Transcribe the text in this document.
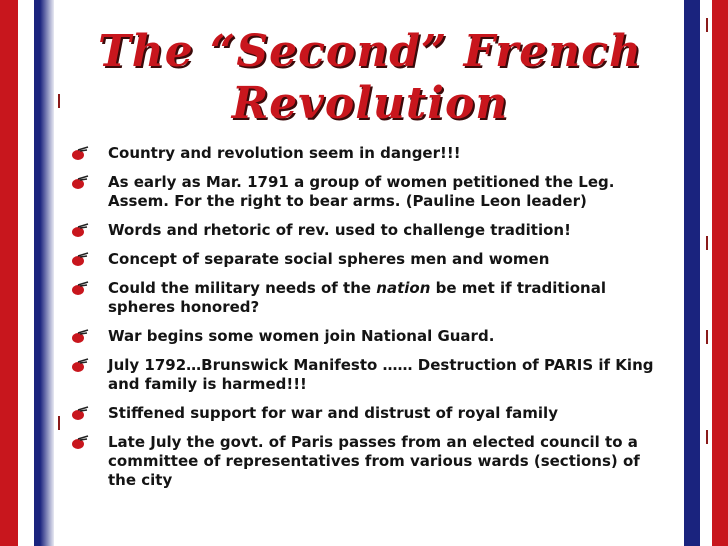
The “Second” French Revolution
Country and revolution seem in danger!!!
As early as Mar. 1791 a group of women petitioned the Leg. Assem. For the right to bear arms. (Pauline Leon leader)
Words and rhetoric of rev. used to challenge tradition!
Concept of separate social spheres men and women
Could the military needs of the nation be met if traditional spheres honored?
War begins some women join National Guard.
July 1792…Brunswick Manifesto …… Destruction of PARIS if King and family is harmed!!!
Stiffened support for war and distrust of royal family
Late July the govt. of Paris passes from an elected council to a committee of representatives from various wards (sections) of the city
